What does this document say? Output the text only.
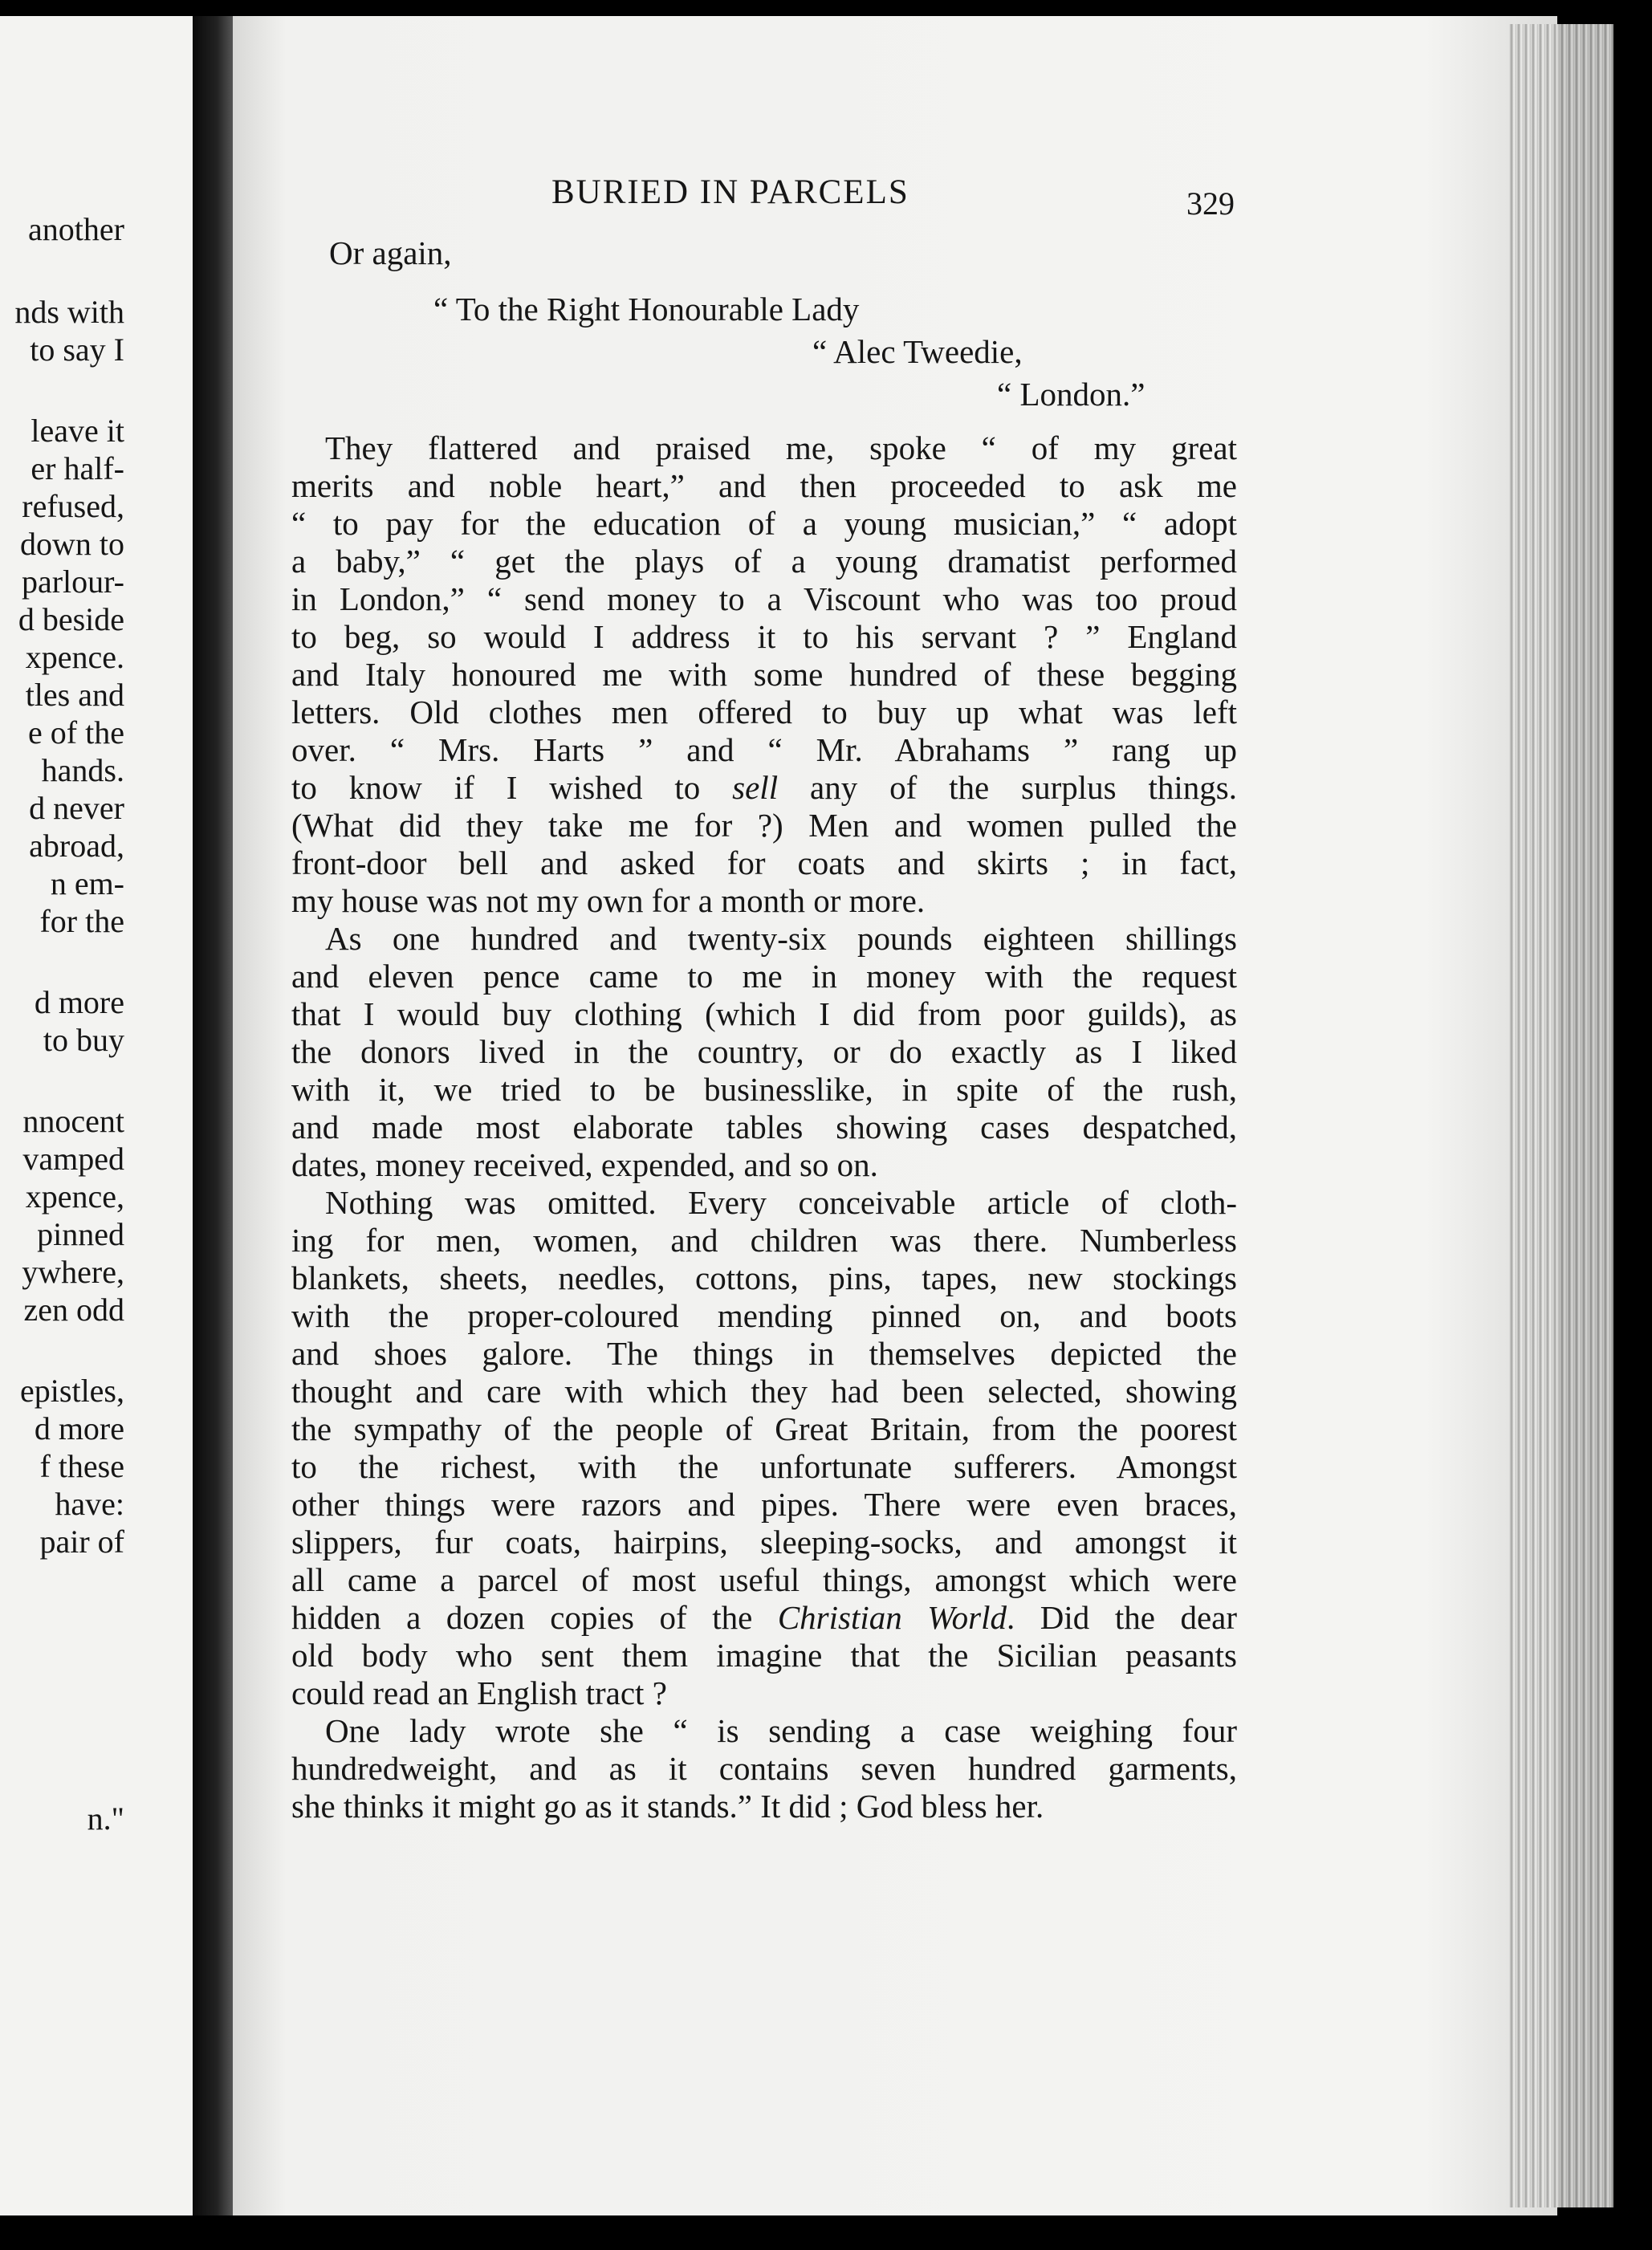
another
nds with
to say I
leave it
er half-
refused,
down to
parlour-
d beside
xpence.
tles and
e of the
hands.
d never
abroad,
n em-
for the
d more
to buy
nnocent
vamped
xpence,
pinned
ywhere,
zen odd
epistles,
d more
f these
have:
pair of
n."
BURIED IN PARCELS	329
Or again,
“ To the Right Honourable Lady
“ Alec Tweedie,
“ London.”
They flattered and praised me, spoke “ of my great
merits and noble heart,” and then proceeded to ask me
“ to pay for the education of a young musician,” “ adopt
a baby,” “ get the plays of a young dramatist performed
in London,” “ send money to a Viscount who was too proud
to beg, so would I address it to his servant ? ” England
and Italy honoured me with some hundred of these begging
letters. Old clothes men offered to buy up what was left
over. “ Mrs. Harts ” and “ Mr. Abrahams ” rang up
to know if I wished to sell any of the surplus things.
(What did they take me for ?) Men and women pulled the
front-door bell and asked for coats and skirts ; in fact,
my house was not my own for a month or more.
As one hundred and twenty-six pounds eighteen shillings
and eleven pence came to me in money with the request
that I would buy clothing (which I did from poor guilds), as
the donors lived in the country, or do exactly as I liked
with it, we tried to be businesslike, in spite of the rush,
and made most elaborate tables showing cases despatched,
dates, money received, expended, and so on.
Nothing was omitted. Every conceivable article of cloth-
ing for men, women, and children was there. Numberless
blankets, sheets, needles, cottons, pins, tapes, new stockings
with the proper-coloured mending pinned on, and boots
and shoes galore. The things in themselves depicted the
thought and care with which they had been selected, showing
the sympathy of the people of Great Britain, from the poorest
to the richest, with the unfortunate sufferers. Amongst
other things were razors and pipes. There were even braces,
slippers, fur coats, hairpins, sleeping-socks, and amongst it
all came a parcel of most useful things, amongst which were
hidden a dozen copies of the Christian World. Did the dear
old body who sent them imagine that the Sicilian peasants
could read an English tract ?
One lady wrote she “ is sending a case weighing four
hundredweight, and as it contains seven hundred garments,
she thinks it might go as it stands.” It did ; God bless her.
